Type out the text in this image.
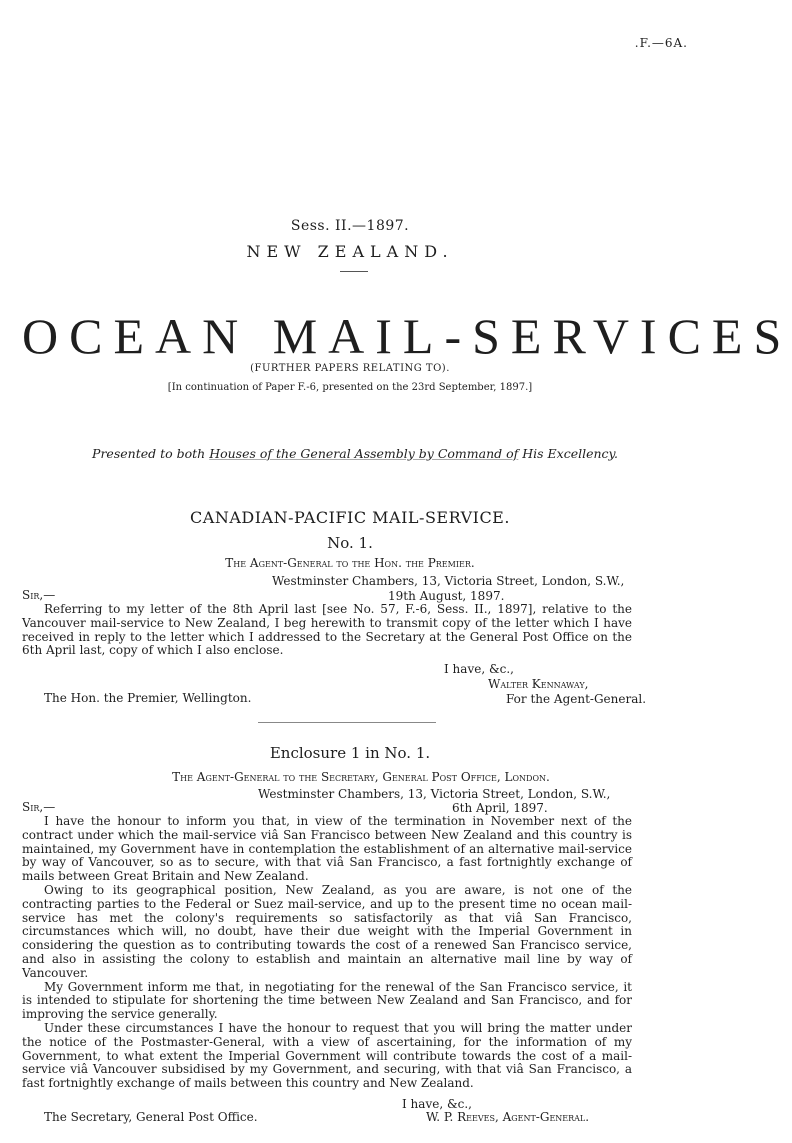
.F.—6A.
Sess. II.—1897.
NEW ZEALAND.
OCEAN MAIL-SERVICES
(FURTHER PAPERS RELATING TO).
[In continuation of Paper F.-6, presented on the 23rd September, 1897.]
Presented to both Houses of the General Assembly by Command of His Excellency.
CANADIAN-PACIFIC MAIL-SERVICE.
No. 1.
The Agent-General to the Hon. the Premier.
Westminster Chambers, 13, Victoria Street, London, S.W.,
Sir,—	19th August, 1897.
Referring to my letter of the 8th April last [see No. 57, F.-6, Sess. II., 1897], relative to the Vancouver mail-service to New Zealand, I beg herewith to transmit copy of the letter which I have received in reply to the letter which I addressed to the Secretary at the General Post Office on the 6th April last, copy of which I also enclose.
I have, &c.,
Walter Kennaway,
The Hon. the Premier, Wellington.	For the Agent-General.
Enclosure 1 in No. 1.
The Agent-General to the Secretary, General Post Office, London.
Westminster Chambers, 13, Victoria Street, London, S.W.,
Sir,—	6th April, 1897.

I have the honour to inform you that, in view of the termination in November next of the contract under which the mail-service viâ San Francisco between New Zealand and this country is maintained, my Government have in contemplation the establishment of an alternative mail-service by way of Vancouver, so as to secure, with that viâ San Francisco, a fast fortnightly exchange of mails between Great Britain and New Zealand.

Owing to its geographical position, New Zealand, as you are aware, is not one of the contracting parties to the Federal or Suez mail-service, and up to the present time no ocean mail-service has met the colony's requirements so satisfactorily as that viâ San Francisco, circumstances which will, no doubt, have their due weight with the Imperial Government in considering the question as to contributing towards the cost of a renewed San Francisco service, and also in assisting the colony to establish and maintain an alternative mail line by way of Vancouver.

My Government inform me that, in negotiating for the renewal of the San Francisco service, it is intended to stipulate for shortening the time between New Zealand and San Francisco, and for improving the service generally.

Under these circumstances I have the honour to request that you will bring the matter under the notice of the Postmaster-General, with a view of ascertaining, for the information of my Government, to what extent the Imperial Government will contribute towards the cost of a mail-service viâ Vancouver subsidised by my Government, and securing, with that viâ San Francisco, a fast fortnightly exchange of mails between this country and New Zealand.

I have, &c.,
The Secretary, General Post Office.	W. P. Reeves, Agent-General.
